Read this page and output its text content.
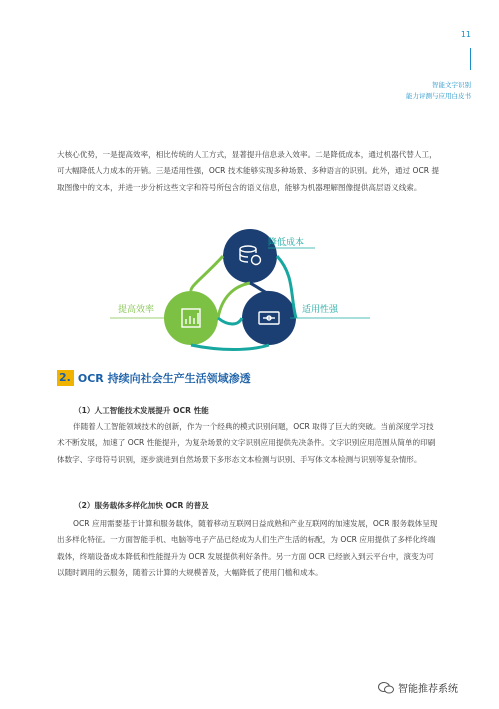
11
智能文字识别
能力评测与应用白皮书
大核心优势，一是提高效率，相比传统的人工方式，显著提升信息录入效率。二是降低成本，通过机器代替人工，可大幅降低人力成本的开销。三是适用性强，OCR 技术能够实现多种场景、多种语言的识别。此外，通过 OCR 提取图像中的文本，并进一步分析这些文字和符号所包含的语义信息，能够为机器理解图像提供高层语义线索。
降低成本
提高效率	适用性强
2. OCR 持续向社会生产生活领域渗透
（1）人工智能技术发展提升 OCR 性能
伴随着人工智能领域技术的创新，作为一个经典的模式识别问题，OCR 取得了巨大的突破。当前深度学习技术不断发展，加速了 OCR 性能提升，为复杂场景的文字识别应用提供先决条件。文字识别应用范围从简单的印刷体数字、字母符号识别，逐步演进到自然场景下多形态文本检测与识别、手写体文本检测与识别等复杂情形。
（2）服务载体多样化加快 OCR 的普及
OCR 应用需要基于计算和服务载体，随着移动互联网日益成熟和产业互联网的加速发展，OCR 服务载体呈现出多样化特征。一方面智能手机、电脑等电子产品已经成为人们生产生活的标配，为 OCR 应用提供了多样化终端载体，终端设备成本降低和性能提升为 OCR 发展提供利好条件。另一方面 OCR 已经嵌入到云平台中，演变为可以随时调用的云服务，随着云计算的大规模普及，大幅降低了使用门槛和成本。
智能推荐系统
